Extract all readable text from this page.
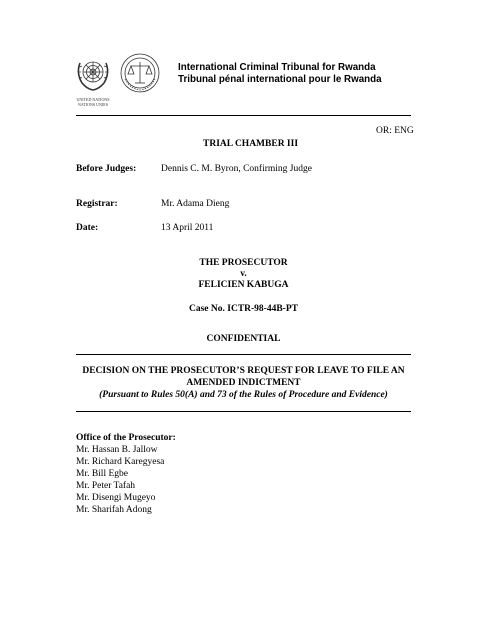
UNITED NATIONS
NATIONS UNIES
International Criminal Tribunal for Rwanda
Tribunal pénal international pour le Rwanda
OR: ENG
TRIAL CHAMBER III
Before Judges:	Dennis C. M. Byron, Confirming Judge
Registrar:	Mr. Adama Dieng
Date:	13 April 2011
THE PROSECUTOR
v.
FELICIEN KABUGA
Case No. ICTR-98-44B-PT
CONFIDENTIAL
DECISION ON THE PROSECUTOR’S REQUEST FOR LEAVE TO FILE AN
AMENDED INDICTMENT
(Pursuant to Rules 50(A) and 73 of the Rules of Procedure and Evidence)
Office of the Prosecutor:
Mr. Hassan B. Jallow
Mr. Richard Karegyesa
Mr. Bill Egbe
Mr. Peter Tafah
Mr. Disengi Mugeyo
Mr. Sharifah Adong
